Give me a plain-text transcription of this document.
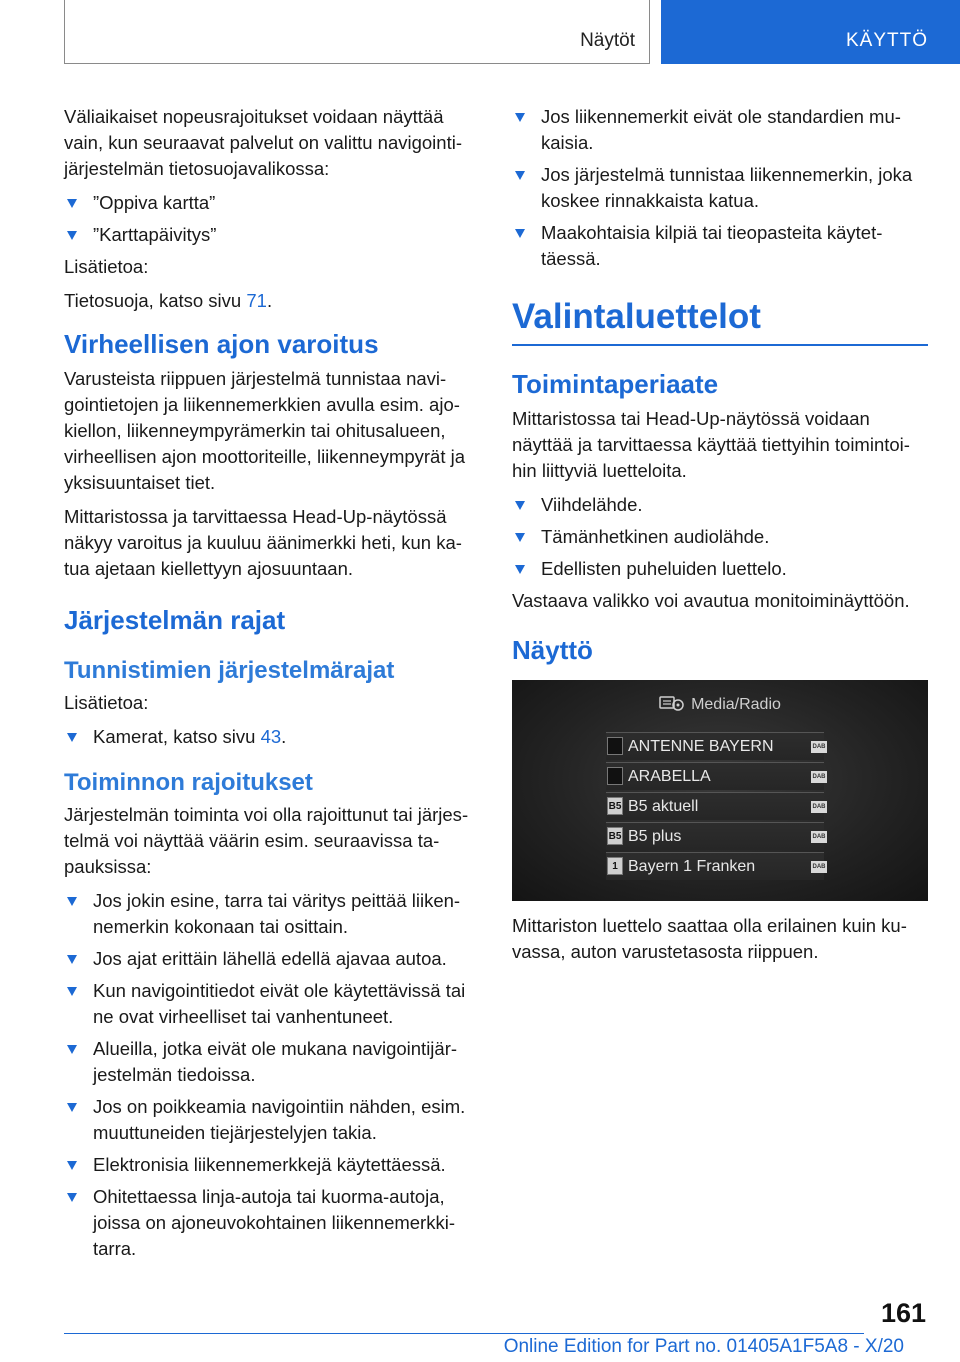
Näytöt	KÄYTTÖ

Väliaikaiset nopeusrajoitukset voidaan näyttää vain, kun seuraavat palvelut on valittu navigointijärjestelmän tietosuojavalikossa:

”Oppiva kartta”
”Karttapäivitys”

Lisätietoa:

Tietosuoja, katso sivu 71.

Virheellisen ajon varoitus

Varusteista riippuen järjestelmä tunnistaa navigointietojen ja liikennemerkkien avulla esim. ajokiellon, liikenneympyrämerkin tai ohitusalueen, virheellisen ajon moottoriteille, liikenneympyrät ja yksisuuntaiset tiet.

Mittaristossa ja tarvittaessa Head-Up-näytössä näkyy varoitus ja kuuluu äänimerkki heti, kun katua ajetaan kiellettyyn ajosuuntaan.

Järjestelmän rajat
Tunnistimien järjestelmärajat

Lisätietoa:

Kamerat, katso sivu 43.
Toiminnon rajoitukset

Järjestelmän toiminta voi olla rajoittunut tai järjestelmä voi näyttää väärin esim. seuraavissa tapauksissa:

Jos jokin esine, tarra tai väritys peittää liikennemerkin kokonaan tai osittain.
Jos ajat erittäin lähellä edellä ajavaa autoa.
Kun navigointitiedot eivät ole käytettävissä tai ne ovat virheelliset tai vanhentuneet.
Alueilla, jotka eivät ole mukana navigointijärjestelmän tiedoissa.
Jos on poikkeamia navigointiin nähden, esim. muuttuneiden tiejärjestelyjen takia.
Elektronisia liikennemerkkejä käytettäessä.
Ohitettaessa linja-autoja tai kuorma-autoja, joissa on ajoneuvokohtainen liikennemerkkitarra.
Jos liikennemerkit eivät ole standardien mukaisia.
Jos järjestelmä tunnistaa liikennemerkin, joka koskee rinnakkaista katua.
Maakohtaisia kilpiä tai tieopasteita käytettäessä.
Valintaluettelot
Toimintaperiaate

Mittaristossa tai Head-Up-näytössä voidaan näyttää ja tarvittaessa käyttää tiettyihin toimintoihin liittyviä luetteloita.

Viihdelähde.
Tämänhetkinen audiolähde.
Edellisten puheluiden luettelo.

Vastaava valikko voi avautua monitoiminäyttöön.

Näyttö
Media/Radio
ANTENNE BAYERN	DAB
ARABELLA	DAB
B5 B5 aktuell	DAB
B5 B5 plus	DAB
1 Bayern 1 Franken	DAB

Mittariston luettelo saattaa olla erilainen kuin kuvassa, auton varustetasosta riippuen.

161
Online Edition for Part no. 01405A1F5A8 - X/20
